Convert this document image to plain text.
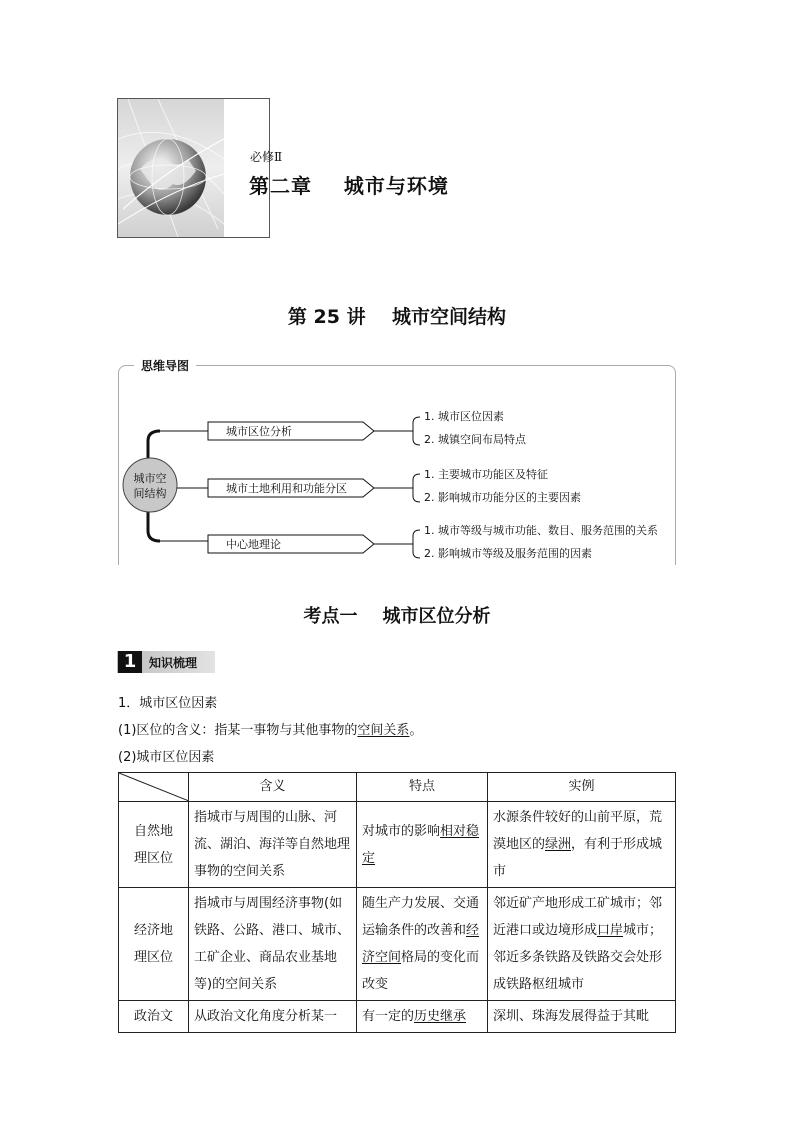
必修Ⅱ
第二章    城市与环境
第 25 讲    城市空间结构
思维导图
城市空
间结构
城市区位分析
1. 城市区位因素
2. 城镇空间布局特点
城市土地利用和功能分区
1. 主要城市功能区及特征
2. 影响城市功能分区的主要因素
中心地理论
1. 城市等级与城市功能、数目、服务范围的关系
2. 影响城市等级及服务范围的因素
考点一    城市区位分析
1	知识梳理
1．城市区位因素
(1)区位的含义：指某一事物与其他事物的空间关系。
(2)城市区位因素
	含义	特点	实例
自然地
理区位	指城市与周围的山脉、河流、湖泊、海洋等自然地理事物的空间关系	对城市的影响相对稳定	水源条件较好的山前平原，荒漠地区的绿洲，有利于形成城市
经济地
理区位	指城市与周围经济事物(如铁路、公路、港口、城市、工矿企业、商品农业基地等)的空间关系	随生产力发展、交通运输条件的改善和经济空间格局的变化而改变	邻近矿产地形成工矿城市；邻近港口或边境形成口岸城市；邻近多条铁路及铁路交会处形成铁路枢纽城市
政治文	从政治文化角度分析某一	有一定的历史继承	深圳、珠海发展得益于其毗
